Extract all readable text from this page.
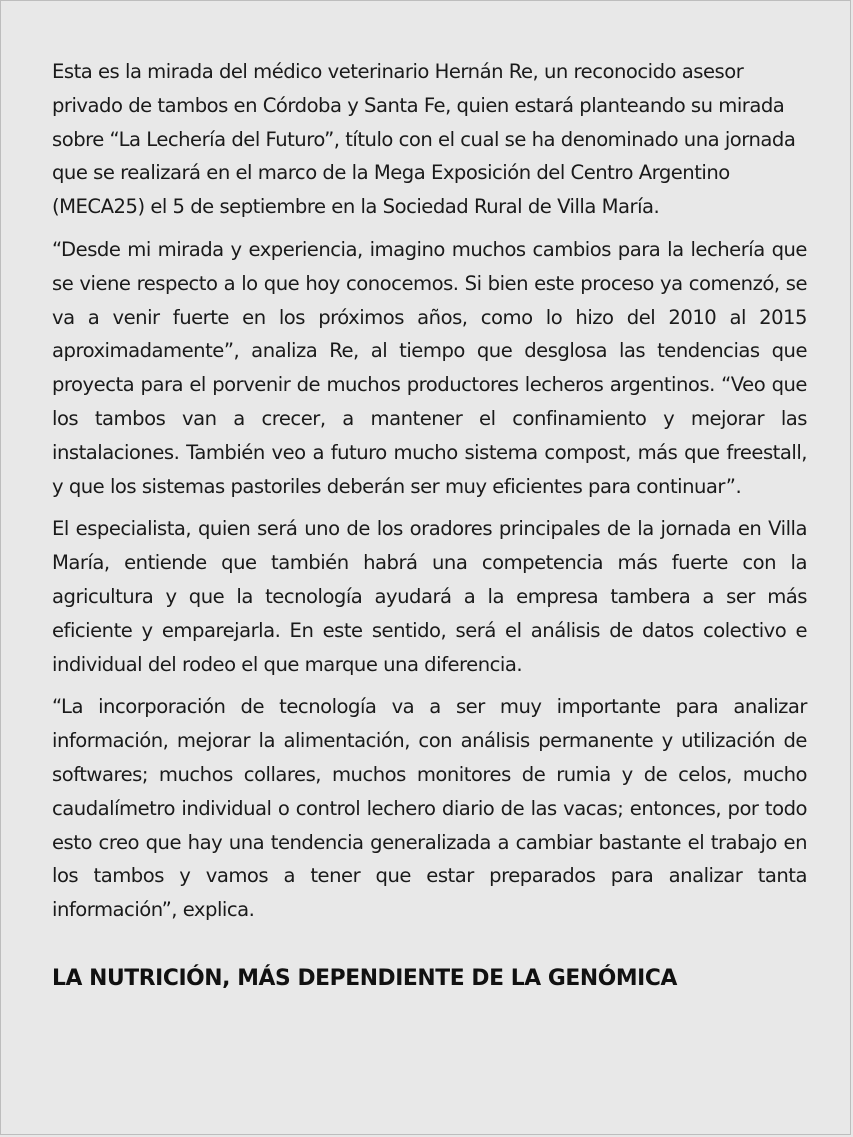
Esta es la mirada del médico veterinario Hernán Re, un reconocido asesor privado de tambos en Córdoba y Santa Fe, quien estará planteando su mirada sobre “La Lechería del Futuro”, título con el cual se ha denominado una jornada que se realizará en el marco de la Mega Exposición del Centro Argentino (MECA25) el 5 de septiembre en la Sociedad Rural de Villa María.

“Desde mi mirada y experiencia, imagino muchos cambios para la lechería que se viene respecto a lo que hoy conocemos. Si bien este proceso ya comenzó, se va a venir fuerte en los próximos años, como lo hizo del 2010 al 2015 aproximadamente”, analiza Re, al tiempo que desglosa las tendencias que proyecta para el porvenir de muchos productores lecheros argentinos. “Veo que los tambos van a crecer, a mantener el confinamiento y mejorar las instalaciones. También veo a futuro mucho sistema compost, más que freestall, y que los sistemas pastoriles deberán ser muy eficientes para continuar”.

El especialista, quien será uno de los oradores principales de la jornada en Villa María, entiende que también habrá una competencia más fuerte con la agricultura y que la tecnología ayudará a la empresa tambera a ser más eficiente y emparejarla. En este sentido, será el análisis de datos colectivo e individual del rodeo el que marque una diferencia.

“La incorporación de tecnología va a ser muy importante para analizar información, mejorar la alimentación, con análisis permanente y utilización de softwares; muchos collares, muchos monitores de rumia y de celos, mucho caudalímetro individual o control lechero diario de las vacas; entonces, por todo esto creo que hay una tendencia generalizada a cambiar bastante el trabajo en los tambos y vamos a tener que estar preparados para analizar tanta información”, explica.

LA NUTRICIÓN, MÁS DEPENDIENTE DE LA GENÓMICA
